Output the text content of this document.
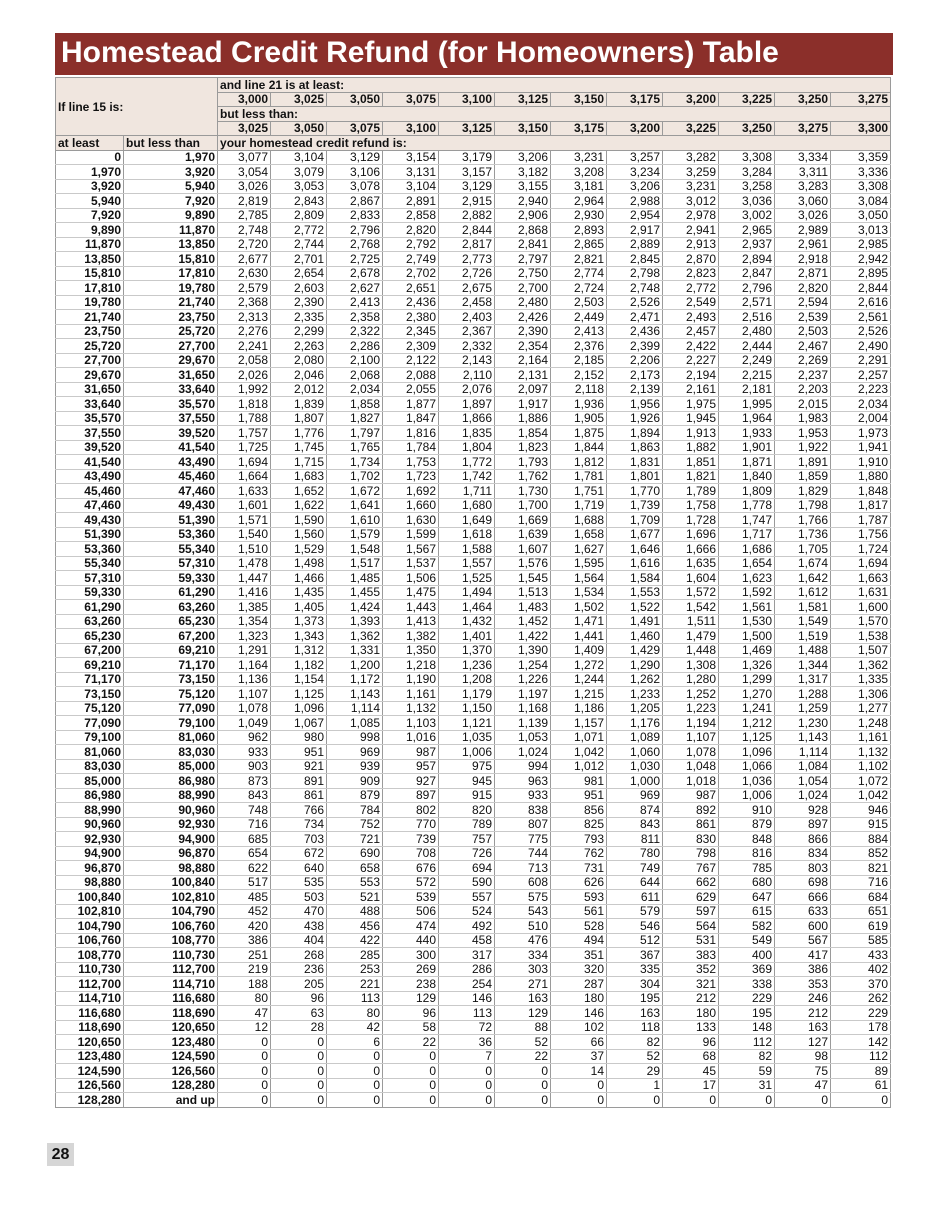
Homestead Credit Refund (for Homeowners) Table
If line 15 is:		and line 21 is at least:											
		3,000	3,025	3,050	3,075	3,100	3,125	3,150	3,175	3,200	3,225	3,250	3,275
		but less than:											
		3,025	3,050	3,075	3,100	3,125	3,150	3,175	3,200	3,225	3,250	3,275	3,300
at least	but less than	your homestead credit refund is:											
0	1,970	3,077	3,104	3,129	3,154	3,179	3,206	3,231	3,257	3,282	3,308	3,334	3,359
1,970	3,920	3,054	3,079	3,106	3,131	3,157	3,182	3,208	3,234	3,259	3,284	3,311	3,336
3,920	5,940	3,026	3,053	3,078	3,104	3,129	3,155	3,181	3,206	3,231	3,258	3,283	3,308
5,940	7,920	2,819	2,843	2,867	2,891	2,915	2,940	2,964	2,988	3,012	3,036	3,060	3,084
7,920	9,890	2,785	2,809	2,833	2,858	2,882	2,906	2,930	2,954	2,978	3,002	3,026	3,050
9,890	11,870	2,748	2,772	2,796	2,820	2,844	2,868	2,893	2,917	2,941	2,965	2,989	3,013
11,870	13,850	2,720	2,744	2,768	2,792	2,817	2,841	2,865	2,889	2,913	2,937	2,961	2,985
13,850	15,810	2,677	2,701	2,725	2,749	2,773	2,797	2,821	2,845	2,870	2,894	2,918	2,942
15,810	17,810	2,630	2,654	2,678	2,702	2,726	2,750	2,774	2,798	2,823	2,847	2,871	2,895
17,810	19,780	2,579	2,603	2,627	2,651	2,675	2,700	2,724	2,748	2,772	2,796	2,820	2,844
19,780	21,740	2,368	2,390	2,413	2,436	2,458	2,480	2,503	2,526	2,549	2,571	2,594	2,616
21,740	23,750	2,313	2,335	2,358	2,380	2,403	2,426	2,449	2,471	2,493	2,516	2,539	2,561
23,750	25,720	2,276	2,299	2,322	2,345	2,367	2,390	2,413	2,436	2,457	2,480	2,503	2,526
25,720	27,700	2,241	2,263	2,286	2,309	2,332	2,354	2,376	2,399	2,422	2,444	2,467	2,490
27,700	29,670	2,058	2,080	2,100	2,122	2,143	2,164	2,185	2,206	2,227	2,249	2,269	2,291
29,670	31,650	2,026	2,046	2,068	2,088	2,110	2,131	2,152	2,173	2,194	2,215	2,237	2,257
31,650	33,640	1,992	2,012	2,034	2,055	2,076	2,097	2,118	2,139	2,161	2,181	2,203	2,223
33,640	35,570	1,818	1,839	1,858	1,877	1,897	1,917	1,936	1,956	1,975	1,995	2,015	2,034
35,570	37,550	1,788	1,807	1,827	1,847	1,866	1,886	1,905	1,926	1,945	1,964	1,983	2,004
37,550	39,520	1,757	1,776	1,797	1,816	1,835	1,854	1,875	1,894	1,913	1,933	1,953	1,973
39,520	41,540	1,725	1,745	1,765	1,784	1,804	1,823	1,844	1,863	1,882	1,901	1,922	1,941
41,540	43,490	1,694	1,715	1,734	1,753	1,772	1,793	1,812	1,831	1,851	1,871	1,891	1,910
43,490	45,460	1,664	1,683	1,702	1,723	1,742	1,762	1,781	1,801	1,821	1,840	1,859	1,880
45,460	47,460	1,633	1,652	1,672	1,692	1,711	1,730	1,751	1,770	1,789	1,809	1,829	1,848
47,460	49,430	1,601	1,622	1,641	1,660	1,680	1,700	1,719	1,739	1,758	1,778	1,798	1,817
49,430	51,390	1,571	1,590	1,610	1,630	1,649	1,669	1,688	1,709	1,728	1,747	1,766	1,787
51,390	53,360	1,540	1,560	1,579	1,599	1,618	1,639	1,658	1,677	1,696	1,717	1,736	1,756
53,360	55,340	1,510	1,529	1,548	1,567	1,588	1,607	1,627	1,646	1,666	1,686	1,705	1,724
55,340	57,310	1,478	1,498	1,517	1,537	1,557	1,576	1,595	1,616	1,635	1,654	1,674	1,694
57,310	59,330	1,447	1,466	1,485	1,506	1,525	1,545	1,564	1,584	1,604	1,623	1,642	1,663
59,330	61,290	1,416	1,435	1,455	1,475	1,494	1,513	1,534	1,553	1,572	1,592	1,612	1,631
61,290	63,260	1,385	1,405	1,424	1,443	1,464	1,483	1,502	1,522	1,542	1,561	1,581	1,600
63,260	65,230	1,354	1,373	1,393	1,413	1,432	1,452	1,471	1,491	1,511	1,530	1,549	1,570
65,230	67,200	1,323	1,343	1,362	1,382	1,401	1,422	1,441	1,460	1,479	1,500	1,519	1,538
67,200	69,210	1,291	1,312	1,331	1,350	1,370	1,390	1,409	1,429	1,448	1,469	1,488	1,507
69,210	71,170	1,164	1,182	1,200	1,218	1,236	1,254	1,272	1,290	1,308	1,326	1,344	1,362
71,170	73,150	1,136	1,154	1,172	1,190	1,208	1,226	1,244	1,262	1,280	1,299	1,317	1,335
73,150	75,120	1,107	1,125	1,143	1,161	1,179	1,197	1,215	1,233	1,252	1,270	1,288	1,306
75,120	77,090	1,078	1,096	1,114	1,132	1,150	1,168	1,186	1,205	1,223	1,241	1,259	1,277
77,090	79,100	1,049	1,067	1,085	1,103	1,121	1,139	1,157	1,176	1,194	1,212	1,230	1,248
79,100	81,060	962	980	998	1,016	1,035	1,053	1,071	1,089	1,107	1,125	1,143	1,161
81,060	83,030	933	951	969	987	1,006	1,024	1,042	1,060	1,078	1,096	1,114	1,132
83,030	85,000	903	921	939	957	975	994	1,012	1,030	1,048	1,066	1,084	1,102
85,000	86,980	873	891	909	927	945	963	981	1,000	1,018	1,036	1,054	1,072
86,980	88,990	843	861	879	897	915	933	951	969	987	1,006	1,024	1,042
88,990	90,960	748	766	784	802	820	838	856	874	892	910	928	946
90,960	92,930	716	734	752	770	789	807	825	843	861	879	897	915
92,930	94,900	685	703	721	739	757	775	793	811	830	848	866	884
94,900	96,870	654	672	690	708	726	744	762	780	798	816	834	852
96,870	98,880	622	640	658	676	694	713	731	749	767	785	803	821
98,880	100,840	517	535	553	572	590	608	626	644	662	680	698	716
100,840	102,810	485	503	521	539	557	575	593	611	629	647	666	684
102,810	104,790	452	470	488	506	524	543	561	579	597	615	633	651
104,790	106,760	420	438	456	474	492	510	528	546	564	582	600	619
106,760	108,770	386	404	422	440	458	476	494	512	531	549	567	585
108,770	110,730	251	268	285	300	317	334	351	367	383	400	417	433
110,730	112,700	219	236	253	269	286	303	320	335	352	369	386	402
112,700	114,710	188	205	221	238	254	271	287	304	321	338	353	370
114,710	116,680	80	96	113	129	146	163	180	195	212	229	246	262
116,680	118,690	47	63	80	96	113	129	146	163	180	195	212	229
118,690	120,650	12	28	42	58	72	88	102	118	133	148	163	178
120,650	123,480	0	0	6	22	36	52	66	82	96	112	127	142
123,480	124,590	0	0	0	0	7	22	37	52	68	82	98	112
124,590	126,560	0	0	0	0	0	0	14	29	45	59	75	89
126,560	128,280	0	0	0	0	0	0	0	1	17	31	47	61
128,280	and up	0	0	0	0	0	0	0	0	0	0	0	0
28
